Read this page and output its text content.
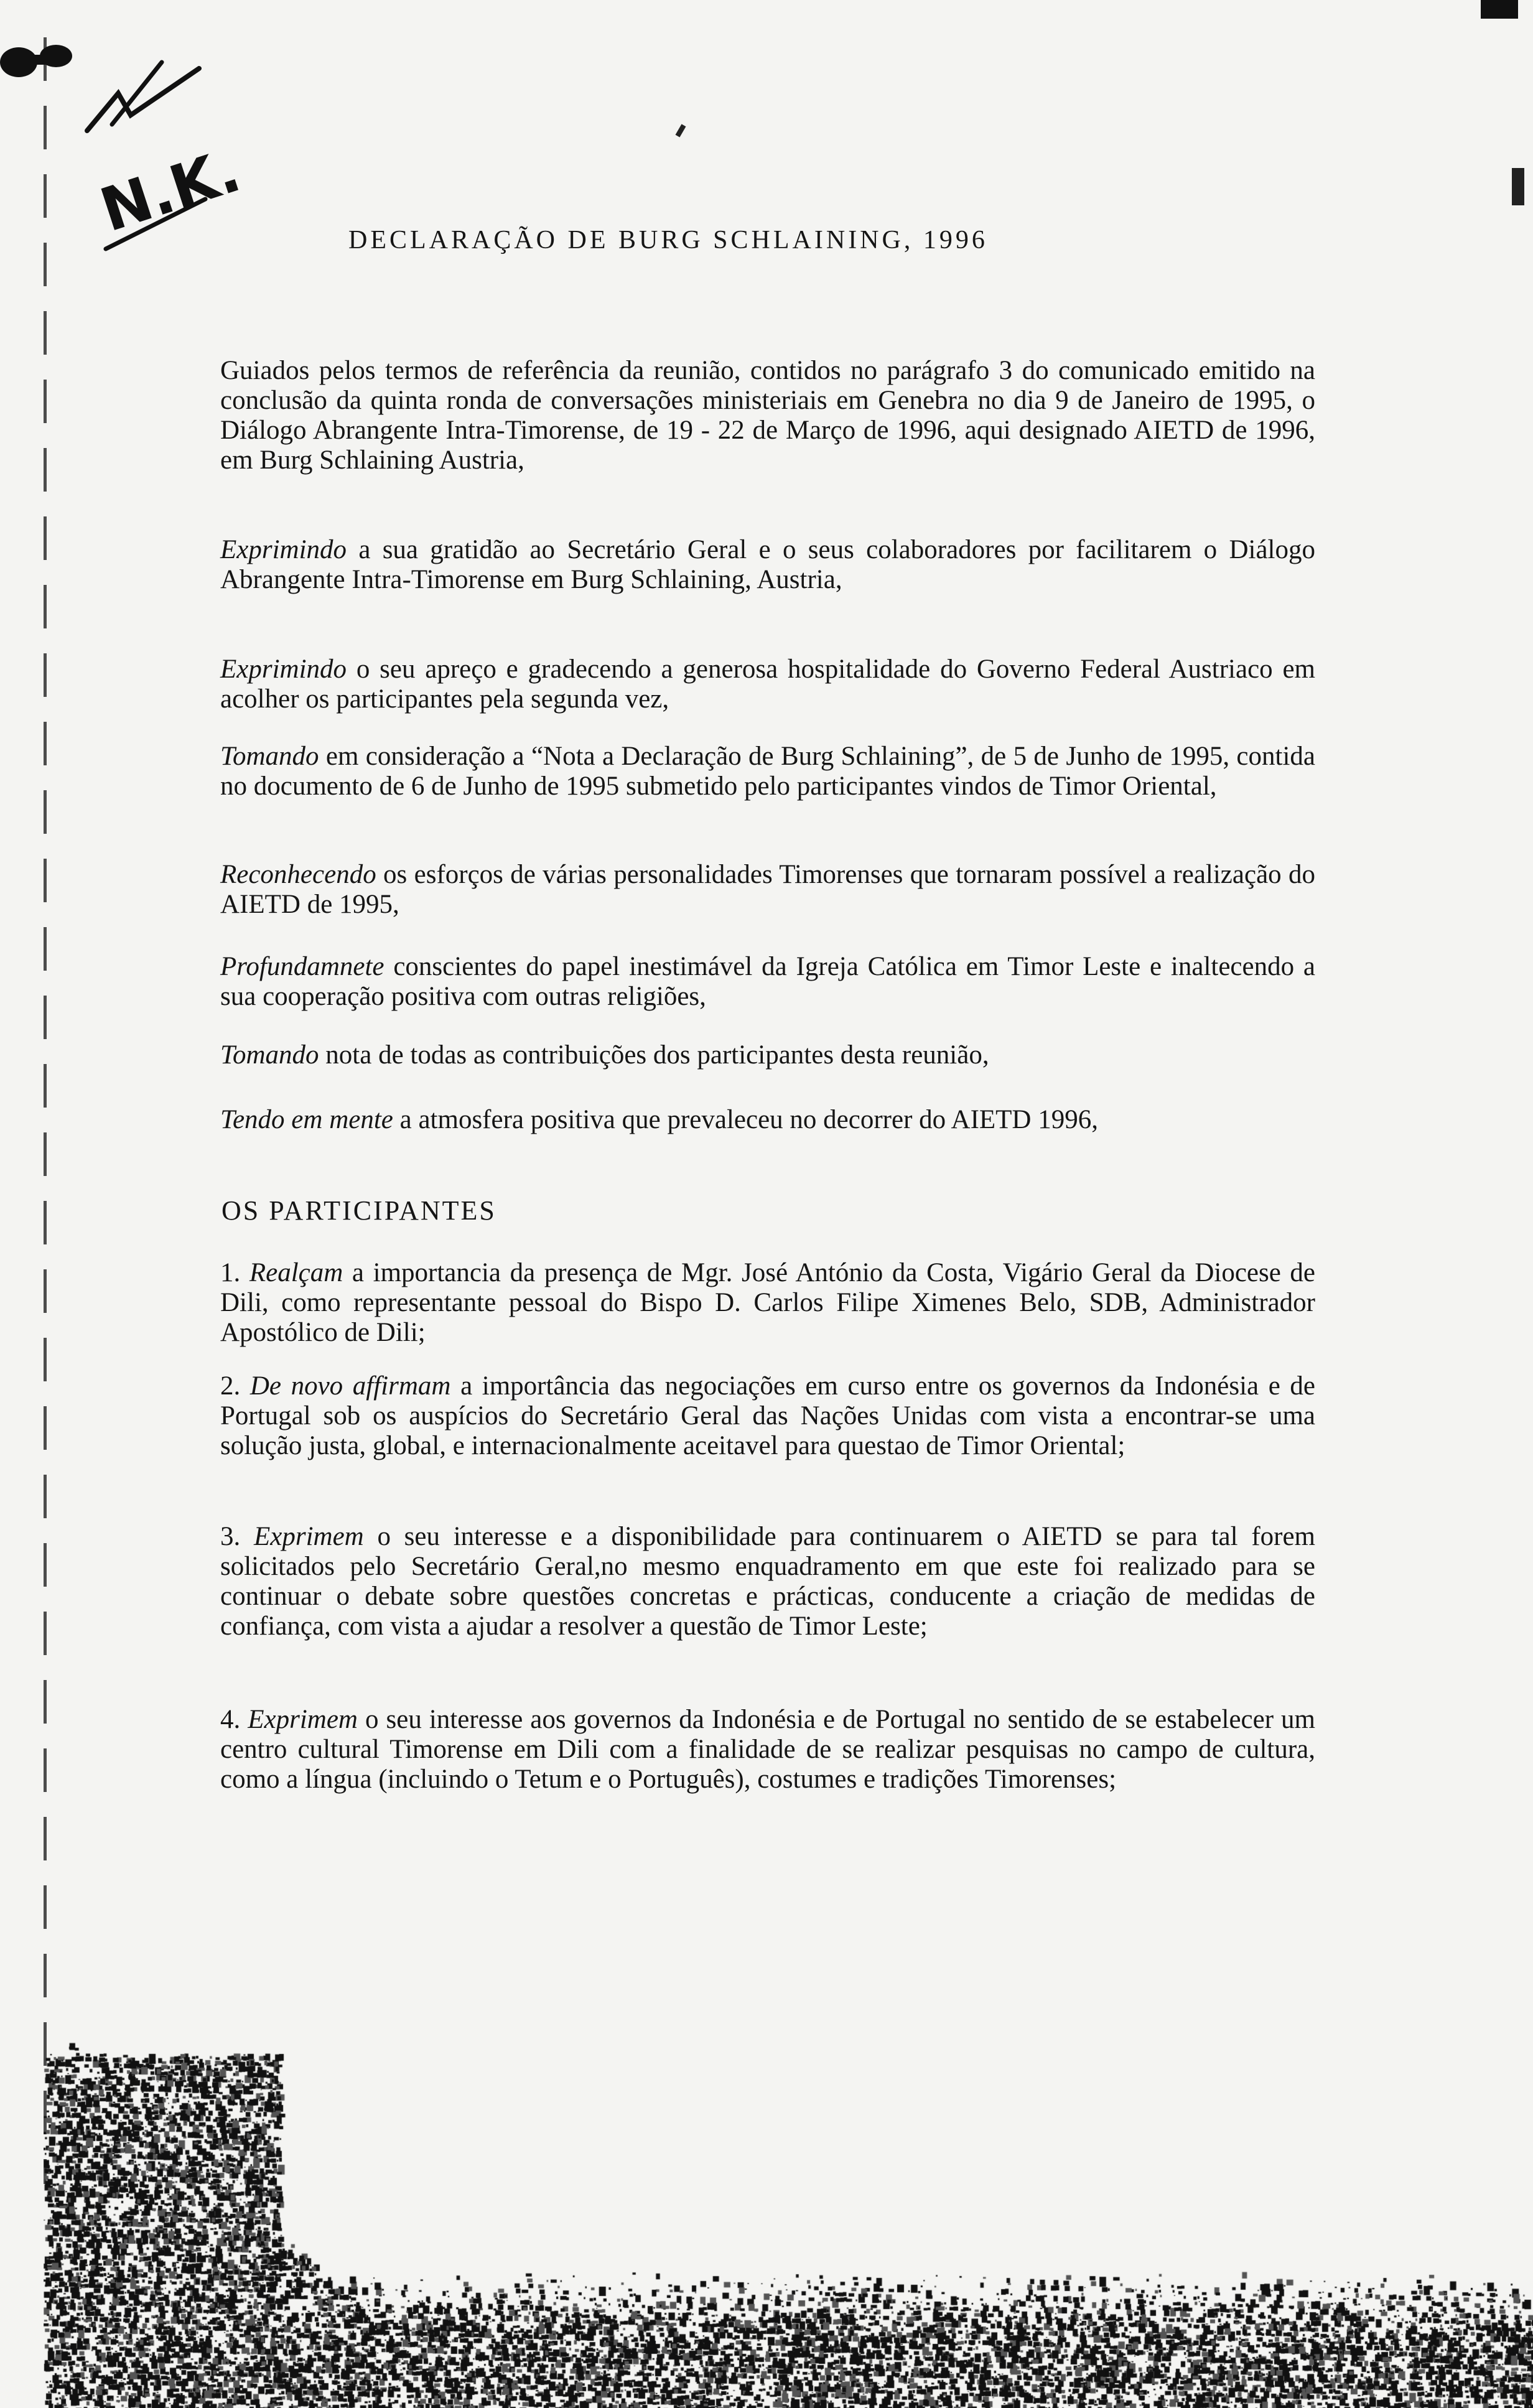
N.K.	DECLARAÇÃO DE BURG SCHLAINING, 1996
Guiados pelos termos de referência da reunião, contidos no parágrafo 3 do comunicado emitido na conclusão da quinta ronda de conversações ministeriais em Genebra no dia 9 de Janeiro de 1995, o Diálogo Abrangente Intra-Timorense, de 19 - 22 de Março de 1996, aqui designado AIETD de 1996, em Burg Schlaining Austria,
Exprimindo a sua gratidão ao Secretário Geral e o seus colaboradores por facilitarem o Diálogo Abrangente Intra-Timorense em Burg Schlaining, Austria,
Exprimindo o seu apreço e gradecendo a generosa hospitalidade do Governo Federal Austriaco em acolher os participantes pela segunda vez,
Tomando em consideração a “Nota a Declaração de Burg Schlaining”, de 5 de Junho de 1995, contida no documento de 6 de Junho de 1995 submetido pelo participantes vindos de Timor Oriental,
Reconhecendo os esforços de várias personalidades Timorenses que tornaram possível a realização do AIETD de 1995,
Profundamnete conscientes do papel inestimável da Igreja Católica em Timor Leste e inaltecendo a sua cooperação positiva com outras religiões,
Tomando nota de todas as contribuições dos participantes desta reunião,
Tendo em mente a atmosfera positiva que prevaleceu no decorrer do AIETD 1996,
OS PARTICIPANTES
1. Realçam a importancia da presença de Mgr. José António da Costa, Vigário Geral da Diocese de Dili, como representante pessoal do Bispo D. Carlos Filipe Ximenes Belo, SDB, Administrador Apostólico de Dili;
2. De novo affirmam a importância das negociações em curso entre os governos da Indonésia e de Portugal sob os auspícios do Secretário Geral das Nações Unidas com vista a encontrar-se uma solução justa, global, e internacionalmente aceitavel para questao de Timor Oriental;
3. Exprimem o seu interesse e a disponibilidade para continuarem o AIETD se para tal forem solicitados pelo Secretário Geral,no mesmo enquadramento em que este foi realizado para se continuar o debate sobre questões concretas e prácticas, conducente a criação de medidas de confiança, com vista a ajudar a resolver a questão de Timor Leste;
4. Exprimem o seu interesse aos governos da Indonésia e de Portugal no sentido de se estabelecer um centro cultural Timorense em Dili com a finalidade de se realizar pesquisas no campo de cultura, como a língua (incluindo o Tetum e o Português), costumes e tradições Timorenses;
